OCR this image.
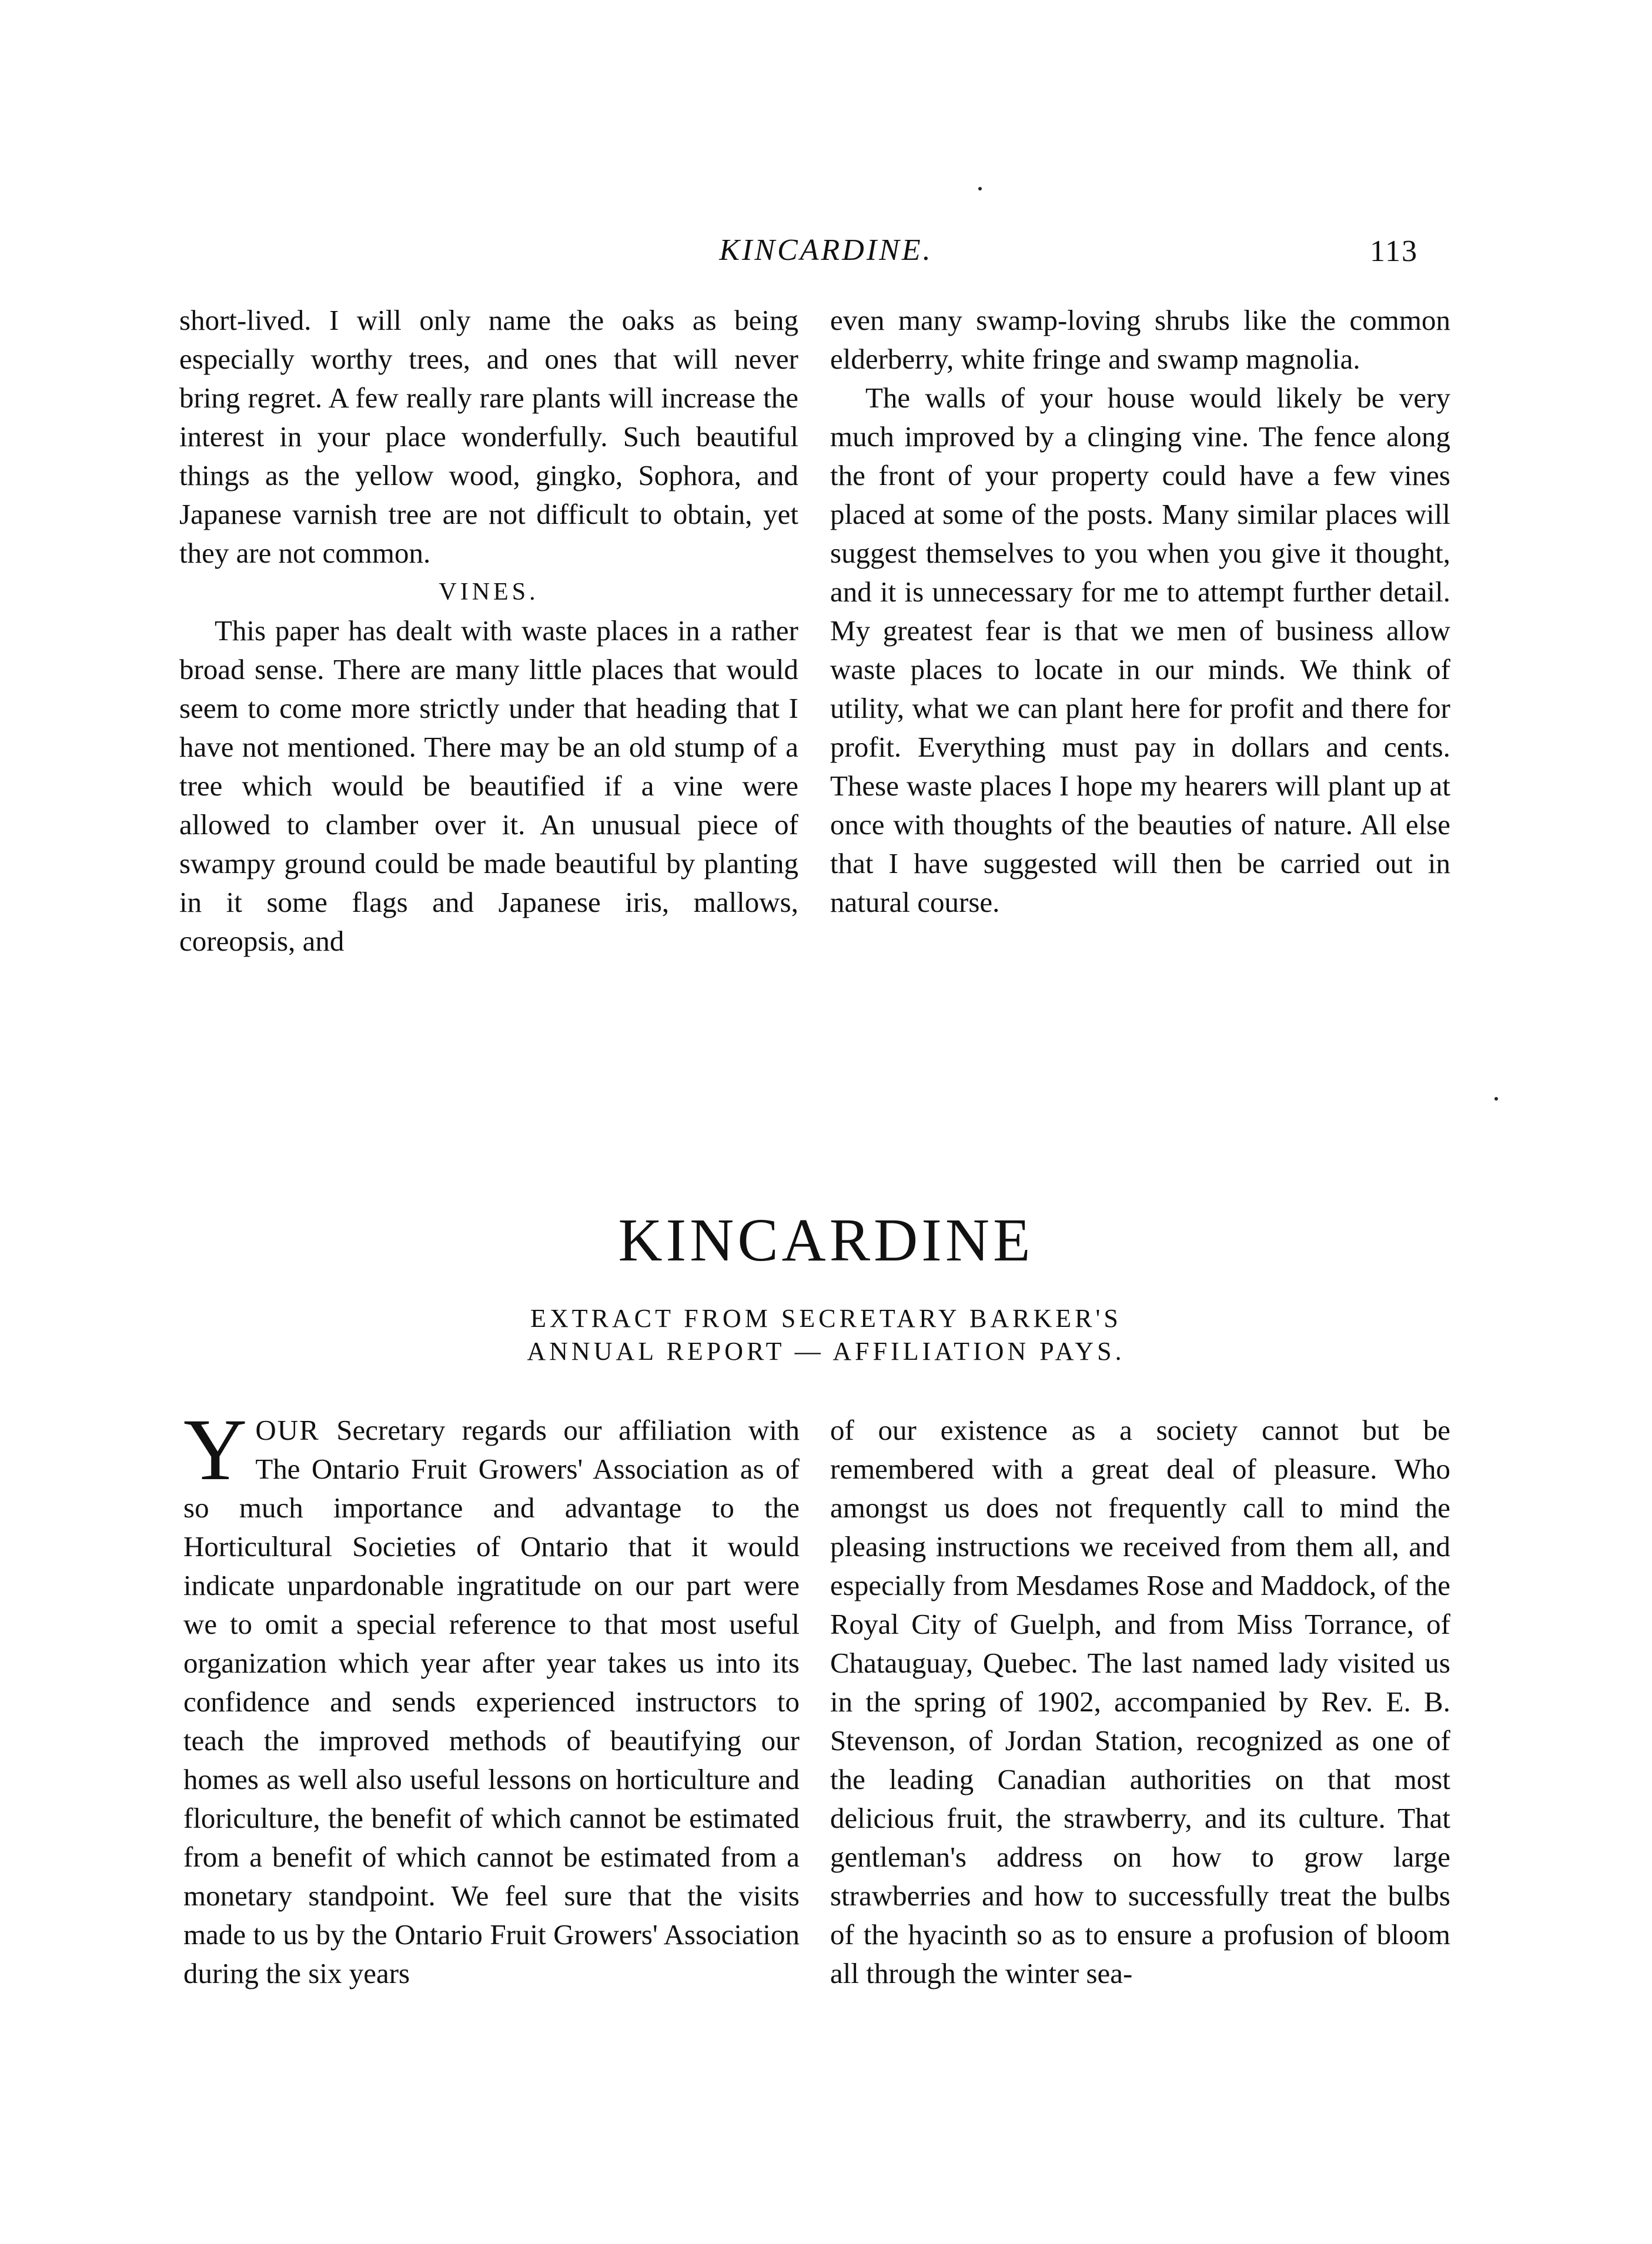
KINCARDINE.	113

short-lived. I will only name the oaks as being especially worthy trees, and ones that will never bring regret. A few really rare plants will increase the interest in your place wonderfully. Such beautiful things as the yellow wood, gingko, Sophora, and Japanese varnish tree are not difficult to obtain, yet they are not common.

VINES.

This paper has dealt with waste places in a rather broad sense. There are many little places that would seem to come more strictly under that heading that I have not mentioned. There may be an old stump of a tree which would be beautified if a vine were allowed to clamber over it. An unusual piece of swampy ground could be made beautiful by planting in it some flags and Japanese iris, mallows, coreopsis, and

even many swamp-loving shrubs like the common elderberry, white fringe and swamp magnolia.

The walls of your house would likely be very much improved by a clinging vine. The fence along the front of your property could have a few vines placed at some of the posts. Many similar places will suggest themselves to you when you give it thought, and it is unnecessary for me to attempt further detail. My greatest fear is that we men of business allow waste places to locate in our minds. We think of utility, what we can plant here for profit and there for profit. Everything must pay in dollars and cents. These waste places I hope my hearers will plant up at once with thoughts of the beauties of nature. All else that I have suggested will then be carried out in natural course.

KINCARDINE
EXTRACT FROM SECRETARY BARKER'S
ANNUAL REPORT — AFFILIATION PAYS.

YOUR Secretary regards our affiliation with The Ontario Fruit Growers' Association as of so much importance and advantage to the Horticultural Societies of Ontario that it would indicate unpardonable ingratitude on our part were we to omit a special reference to that most useful organization which year after year takes us into its confidence and sends experienced instructors to teach the improved methods of beautifying our homes as well also useful lessons on horticulture and floriculture, the benefit of which cannot be estimated from a benefit of which cannot be estimated from a monetary standpoint. We feel sure that the visits made to us by the Ontario Fruit Growers' Association during the six years

of our existence as a society cannot but be remembered with a great deal of pleasure. Who amongst us does not frequently call to mind the pleasing instructions we received from them all, and especially from Mesdames Rose and Maddock, of the Royal City of Guelph, and from Miss Torrance, of Chatauguay, Quebec. The last named lady visited us in the spring of 1902, accompanied by Rev. E. B. Stevenson, of Jordan Station, recognized as one of the leading Canadian authorities on that most delicious fruit, the strawberry, and its culture. That gentleman's address on how to grow large strawberries and how to successfully treat the bulbs of the hyacinth so as to ensure a profusion of bloom all through the winter sea-
